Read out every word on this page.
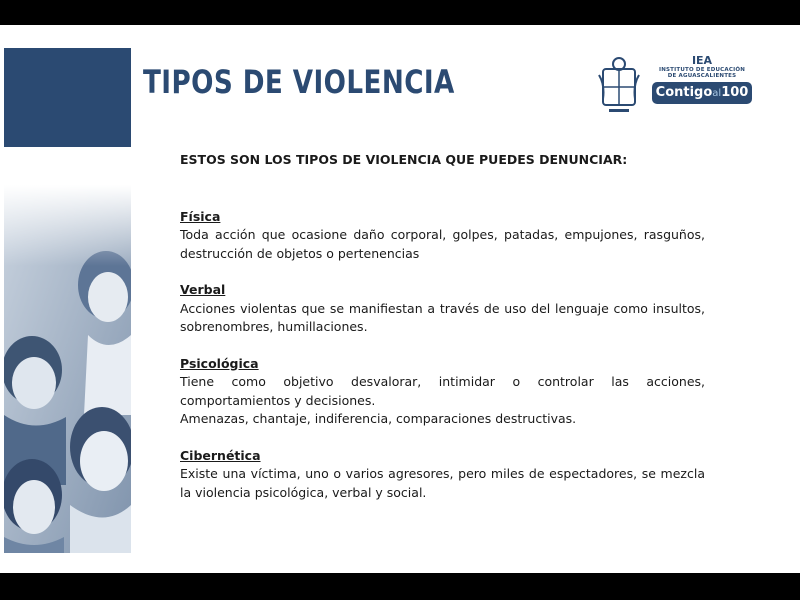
TIPOS DE VIOLENCIA
IEA
INSTITUTO DE EDUCACIÓN
DE AGUASCALIENTES
Contigoal100
ESTOS SON LOS TIPOS DE VIOLENCIA QUE PUEDES DENUNCIAR:
Física

Toda acción que ocasione daño corporal, golpes, patadas, empujones, rasguños, destrucción de objetos o pertenencias

Verbal

Acciones violentas que se manifiestan a través de uso del lenguaje como insultos, sobrenombres, humillaciones.

Psicológica

Tiene como objetivo desvalorar, intimidar o controlar las acciones, comportamientos y decisiones.

Amenazas, chantaje, indiferencia, comparaciones destructivas.

Cibernética

Existe una víctima, uno o varios agresores, pero miles de espectadores, se mezcla la violencia psicológica, verbal y social.
